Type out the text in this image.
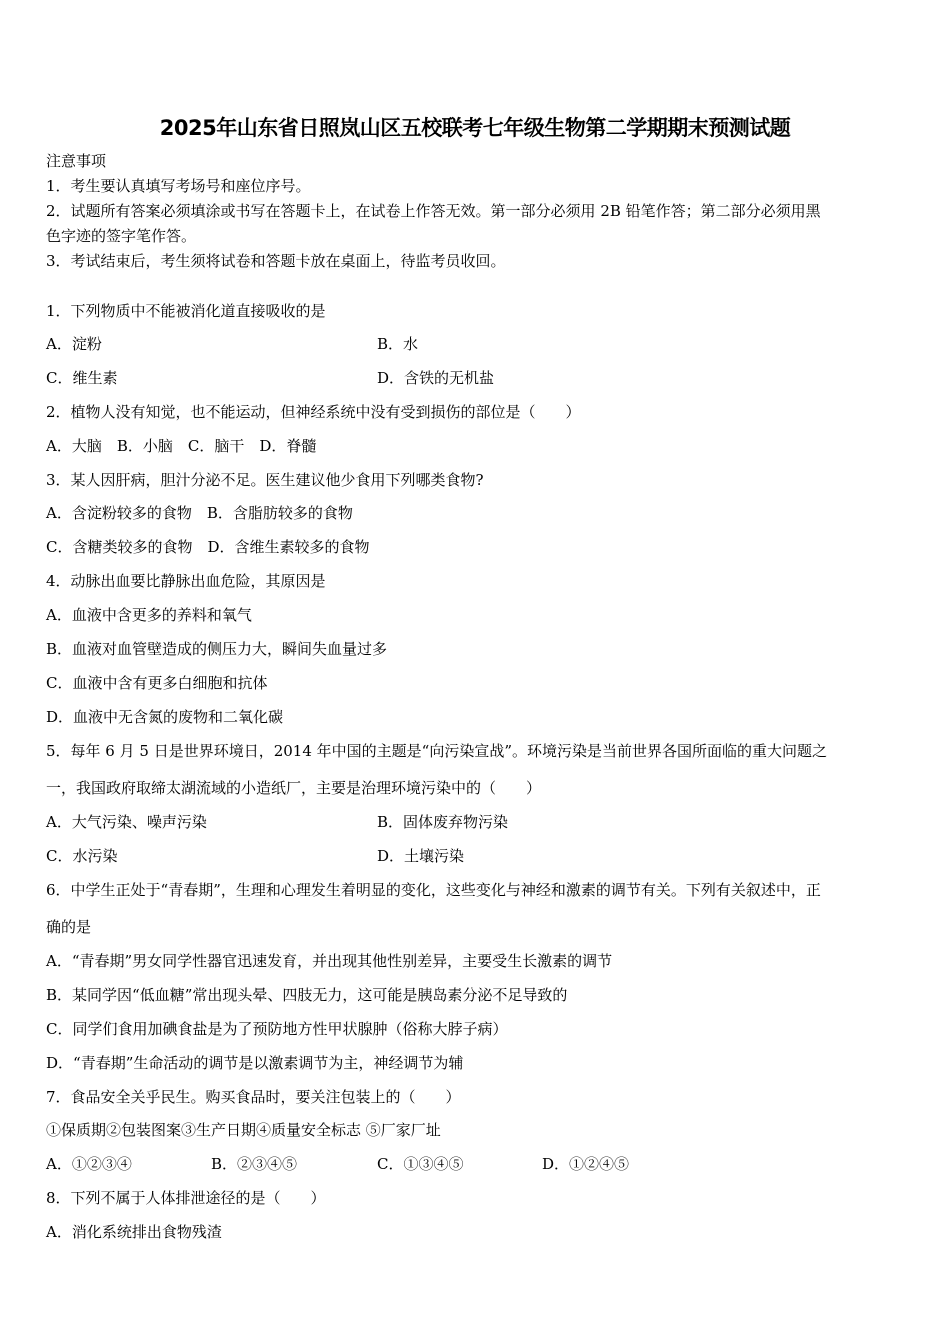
2025年山东省日照岚山区五校联考七年级生物第二学期期末预测试题
注意事项
1．考生要认真填写考场号和座位序号。
2．试题所有答案必须填涂或书写在答题卡上，在试卷上作答无效。第一部分必须用 2B 铅笔作答；第二部分必须用黑
色字迹的签字笔作答。
3．考试结束后，考生须将试卷和答题卡放在桌面上，待监考员收回。
1．下列物质中不能被消化道直接吸收的是
A．淀粉	B．水
C．维生素	D．含铁的无机盐
2．植物人没有知觉，也不能运动，但神经系统中没有受到损伤的部位是（　　）
A．大脑　B．小脑　C．脑干　D．脊髓
3．某人因肝病，胆汁分泌不足。医生建议他少食用下列哪类食物?
A．含淀粉较多的食物　B．含脂肪较多的食物
C．含糖类较多的食物　D．含维生素较多的食物
4．动脉出血要比静脉出血危险，其原因是
A．血液中含更多的养料和氧气
B．血液对血管壁造成的侧压力大，瞬间失血量过多
C．血液中含有更多白细胞和抗体
D．血液中无含氮的废物和二氧化碳
5．每年 6 月 5 日是世界环境日，2014 年中国的主题是“向污染宣战”。环境污染是当前世界各国所面临的重大问题之
一，我国政府取缔太湖流域的小造纸厂，主要是治理环境污染中的（　　）
A．大气污染、噪声污染	B．固体废弃物污染
C．水污染	D．土壤污染
6．中学生正处于“青春期”，生理和心理发生着明显的变化，这些变化与神经和激素的调节有关。下列有关叙述中，正
确的是
A．“青春期”男女同学性器官迅速发育，并出现其他性别差异，主要受生长激素的调节
B．某同学因“低血糖”常出现头晕、四肢无力，这可能是胰岛素分泌不足导致的
C．同学们食用加碘食盐是为了预防地方性甲状腺肿（俗称大脖子病）
D．“青春期”生命活动的调节是以激素调节为主，神经调节为辅
7．食品安全关乎民生。购买食品时，要关注包装上的（　　）
①保质期②包装图案③生产日期④质量安全标志 ⑤厂家厂址
A．①②③④	B．②③④⑤	C．①③④⑤	D．①②④⑤
8．下列不属于人体排泄途径的是（　　）
A．消化系统排出食物残渣
